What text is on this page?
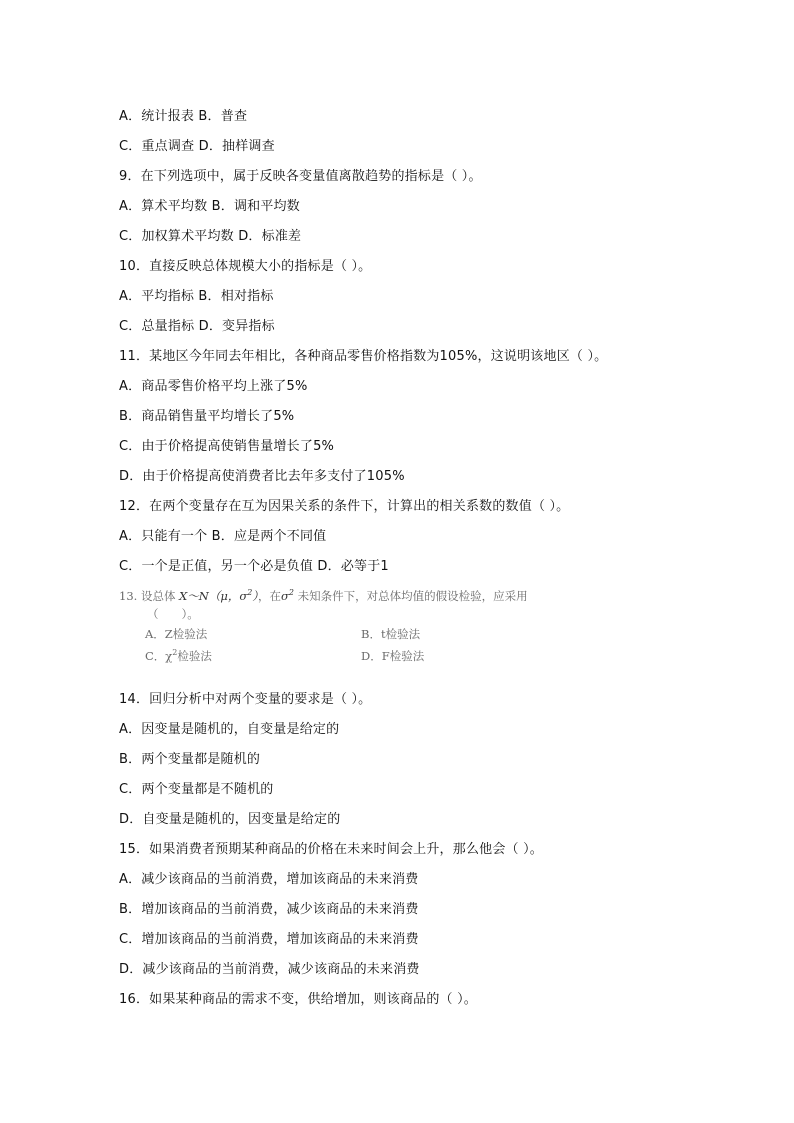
A．统计报表 B．普查
C．重点调查 D．抽样调查
9．在下列选项中，属于反映各变量值离散趋势的指标是（ ）。
A．算术平均数 B．调和平均数
C．加权算术平均数 D．标准差
10．直接反映总体规模大小的指标是（ ）。
A．平均指标 B．相对指标
C．总量指标 D．变异指标
11．某地区今年同去年相比，各种商品零售价格指数为105%，这说明该地区（ ）。
A．商品零售价格平均上涨了5%
B．商品销售量平均增长了5%
C．由于价格提高使销售量增长了5%
D．由于价格提高使消费者比去年多支付了105%
12．在两个变量存在互为因果关系的条件下，计算出的相关系数的数值（ ）。
A．只能有一个 B．应是两个不同值
C．一个是正值，另一个必是负值 D．必等于1
13. 设总体 X～N（μ，$\sigma^2$），在$\sigma^2$ 未知条件下，对总体均值的假设检验，应采用
（　　）。
A．Z检验法	B．t检验法
C．$\chi^2$检验法	D．F检验法
14．回归分析中对两个变量的要求是（ ）。
A．因变量是随机的，自变量是给定的
B．两个变量都是随机的
C．两个变量都是不随机的
D．自变量是随机的，因变量是给定的
15．如果消费者预期某种商品的价格在未来时间会上升，那么他会（ ）。
A．减少该商品的当前消费，增加该商品的未来消费
B．增加该商品的当前消费，减少该商品的未来消费
C．增加该商品的当前消费，增加该商品的未来消费
D．减少该商品的当前消费，减少该商品的未来消费
16．如果某种商品的需求不变，供给增加，则该商品的（ ）。
